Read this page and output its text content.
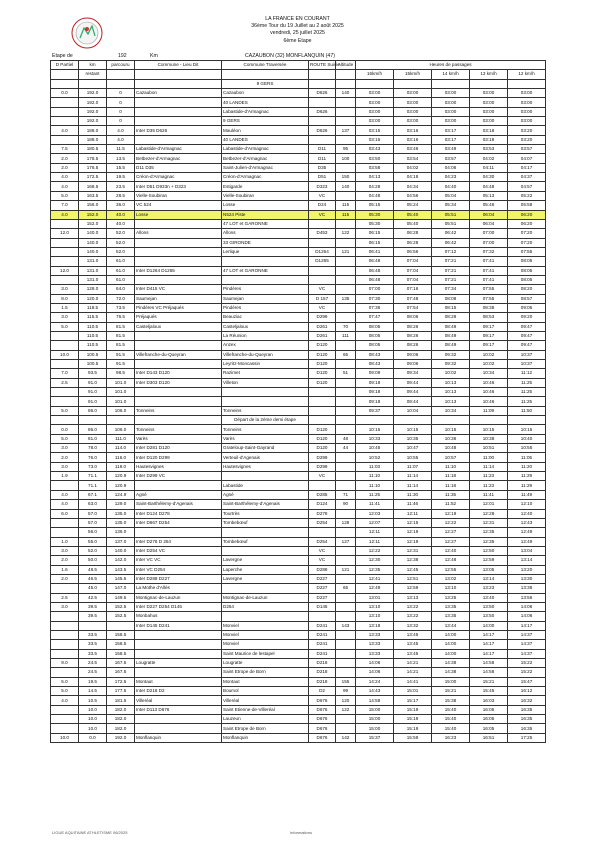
LA FRANCE EN COURANT
36ème Tour du 19 Juillet au 2 août 2025
vendredi, 25 juillet 2025
6ème Etape
Etape de	192	Km	CAZAUBON (32) MONFLANQUIN (47)
D Partiel	km	parcouru	Commune - Lieu Dit	Commune Traversée	ROUTE Suivie	Altitude	Heures de passages				
	restant						16km/h	15km/h	14 km/h	13 km/h	12 km/h
				9 GERS							
0.0	192.0	0	Cazaubon	Cazaubon	D626	140	03:00	03:00	03:00	03:00	03:00
	192.0	0		40 LANDES			03:00	03:00	03:00	03:00	03:00
	192.0	0		Labastide-d'Armagnac	D626		03:00	03:00	03:00	03:00	03:00
	192.0	0		9 GERS			03:00	03:00	03:00	03:00	03:00
4.0	188.0	4.0	Inter D35 D626	Mauléon	D626	137	03:15	03:16	03:17	03:18	03:20
	188.0	4.0		40 LANDES			03:15	03:16	03:17	03:18	03:20
7.5	180.5	11.5	Labastide-d'Armagnac	Labastide-d'Armagnac	D11	95	03:43	03:46	03:49	03:53	03:57
2.0	178.5	13.5	Betbezer-d'Armagnac	Betbezer-d'Armagnac	D11	100	03:50	03:54	03:57	04:02	04:07
2.0	176.5	15.5	D11 D35	Saint-Julien-d'Armagnac	D35		03:58	04:02	04:06	04:11	04:17
4.0	172.5	19.5	Créon-d'Armagnac	Créon-d'Armagnac	D51	150	04:13	04:18	04:23	04:30	04:37
4.0	168.5	23.5	Inter D51 D933n + D323	Estigarde	D323	140	04:28	04:34	04:40	04:48	04:57
5.0	163.5	28.5	Vielle-Soubiran	Vielle-Soubiran	VC		04:48	04:56	05:04	05:13	05:22
7.0	156.0	36.0	VC 524	Losse	D24	115	05:15	05:24	05:34	05:46	05:58
4.0	152.0	40.0	Losse	N524 Piste	VC	115	05:30	05:40	05:51	06:04	06:20
	152.0	40.0		47 LOT et GARONNE			05:30	05:40	05:51	06:04	06:20
12.0	140.0	52.0	Allons	Allons	D453	122	06:15	06:28	06:42	07:00	07:20
	140.0	52.0		33 GIRONDE			06:15	06:28	06:42	07:00	07:20
	140.0	52.0		Lerlique	D1264	121	06:41	06:56	07:12	07:32	07:55
	131.0	61.0			D1265		06:48	07:04	07:21	07:41	08:05
12.0	131.0	61.0	Inter D1264 D1265	47 LOT et GARONNE			06:48	07:04	07:21	07:41	08:05
	131.0	61.0					06:48	07:04	07:21	07:41	08:05
3.0	128.0	64.0	Inter D415 VC	Pindères	VC		07:00	07:16	07:34	07:55	08:20
8.0	120.0	72.0	Saumejan	Saumejan	D 157	135	07:30	07:48	08:08	07:55	08:57
1.5	118.5	73.5	Pindères VC Préjaqués	Pindères	VC		07:36	07:54	08:15	08:38	09:05
3.0	115.5	76.5	Préjaqués	Beauziac	D299		07:47	08:06	08:28	08:53	09:20
5.0	110.5	81.5	Casteljaloux	Casteljaloux	D261	70	08:05	08:26	08:49	09:17	09:47
	110.5	81.5		La Réunion	D261	111	08:05	08:26	08:49	09:17	09:47
	110.5	81.5		Anzex	D120		08:05	08:26	08:49	09:17	09:47
10.0	100.5	91.5	Villefranche-du-Queyran	Villefranche-du-Queyran	D120	65	08:43	09:06	09:32	10:02	10:37
	100.5	91.5		Leyritz-Moncassin	D120		08:43	09:06	09:32	10:02	10:37
7.0	93.5	98.5	Inter D143 D120	Razimet	D120	51	09:09	09:34	10:02	10:34	11:12
2.5	91.0	101.0	Inter D303 D120	Villeton	D120		09:18	09:44	10:13	10:46	11:25
	91.0	101.0					09:18	09:44	10:13	10:46	11:25
	91.0	101.0					09:18	09:44	10:13	10:46	11:25
5.0	86.0	106.0	Tonneins	Tonneins			09:37	10:04	10:34	11:09	11:50
				Départ de la 2ème demi étape							
0.0	86.0	106.0	Tonneins	Tonneins	D120		10:15	10:15	10:15	10:15	10:15
5.0	81.0	111.0	Varès	Varès	D120	48	10:33	10:35	10:36	10:38	10:40
3.0	78.0	114.0	Inter D281 D120	Grateloup-Saint-Gayrand	D120	44	10:45	10:47	10:48	10:51	10:55
2.0	76.0	116.0	Inter D120 D299	Verteuil-d'Agenais	D299		10:52	10:55	10:57	11:00	11:05
3.0	73.0	119.0	Hautesvignes	Hautesvignes	D299		11:03	11:07	11:10	11:14	11:20
1.9	71.1	120.9	Inter D299 VC		VC		11:10	11:14	11:18	11:23	11:29
	71.1	120.9		Labastide			11:10	11:14	11:18	11:23	11:29
4.0	67.1	124.9	Agné	Agné	D285	71	11:25	11:30	11:35	11:41	11:49
4.0	63.0	129.0	Saint-Barthélemy-d'Agenais	Saint-Barthélemy-d'Agenais	D124	90	11:41	11:46	11:52	12:01	12:10
6.0	57.0	135.0	Inter D124 D278	Tourtrès	D278		12:03	12:11	12:19	12:28	12:40
	57.0	135.0	Inter D667 D254	Tombebœuf	D254	128	12:07	12:15	12:22	12:31	12:43
	56.0	136.0					12:11	12:19	12:27	12:35	12:49
1.0	55.0	137.0	Inter D276 D 254	Tombebœuf	D254	127	12:11	12:19	12:27	12:35	12:49
3.0	52.0	140.0	Inter D254 VC		VC		12:22	12:31	12:40	12:50	13:04
2.0	50.0	142.0	Inter VC VC	Lavergne	VC		12:30	12:38	12:48	12:59	13:14
1.6	48.5	143.5	Inter VC D254	Laperche	D288	121	12:35	12:45	12:55	13:05	13:20
2.0	46.5	145.5	Inter D288 D227	Lavergne	D227		12:41	12:51	13:02	13:14	13:30
	45.0	147.0	La Mothe d'Allès		D227	65	12:49	12:59	13:10	13:23	13:38
2.5	42.5	149.5	Montignac-de-Lauzun	Montignac-de-Lauzun	D227		13:01	13:13	13:25	13:40	13:56
3.0	39.5	152.5	Inter D227 D254 D145	D254	D145		13:10	13:22	13:35	13:50	14:06
	39.5	152.5	Monbahus				13:10	13:22	13:35	13:50	14:06
			Inter D145 D241	Monviel	D241	143	13:18	13:32	13:44	14:00	14:17
	33.5	158.5		Monviel	D241		13:33	13:45	14:00	14:17	14:37
	33.5	158.5		Monviel	D241		13:33	13:45	14:00	14:17	14:37
	33.5	158.5		Saint Maurice de lestapel	D241		13:33	13:45	14:00	14:17	14:37
9.0	24.5	167.5	Lougratte	Lougratte	D218		14:06	14:21	14:38	14:58	15:22
	24.5	167.5		Saint Etrope de Born	D218		14:06	14:21	14:38	14:58	15:22
5.0	19.5	172.5	Montaut	Montaut	D218	155	14:24	14:41	15:00	15:21	15:47
5.0	14.5	177.5	Inter D218 D2	Boumol	D2	99	14:43	15:01	15:21	15:45	16:12
4.0	10.5	181.5	Villeréal	Villeréal	D676	120	14:58	15:17	15:38	16:03	16:32
	10.0	182.0	Inter D113 D676	Saint Etienne-de-Villeréal	D676	122	15:00	15:19	15:40	16:05	16:35
	10.0	182.0		Lauzeun	D676		15:00	15:19	15:40	16:05	16:35
	10.0	182.0		Saint Etrope de Born	D676		15:00	15:19	15:40	16:05	16:35
10.0	0.0	192.0	Monflanquin	Monflanquin	D676	142	15:37	15:59	16:23	16:51	17:25
LIGUE AQUITAINE ATHLETISME 06/2025	Informations
